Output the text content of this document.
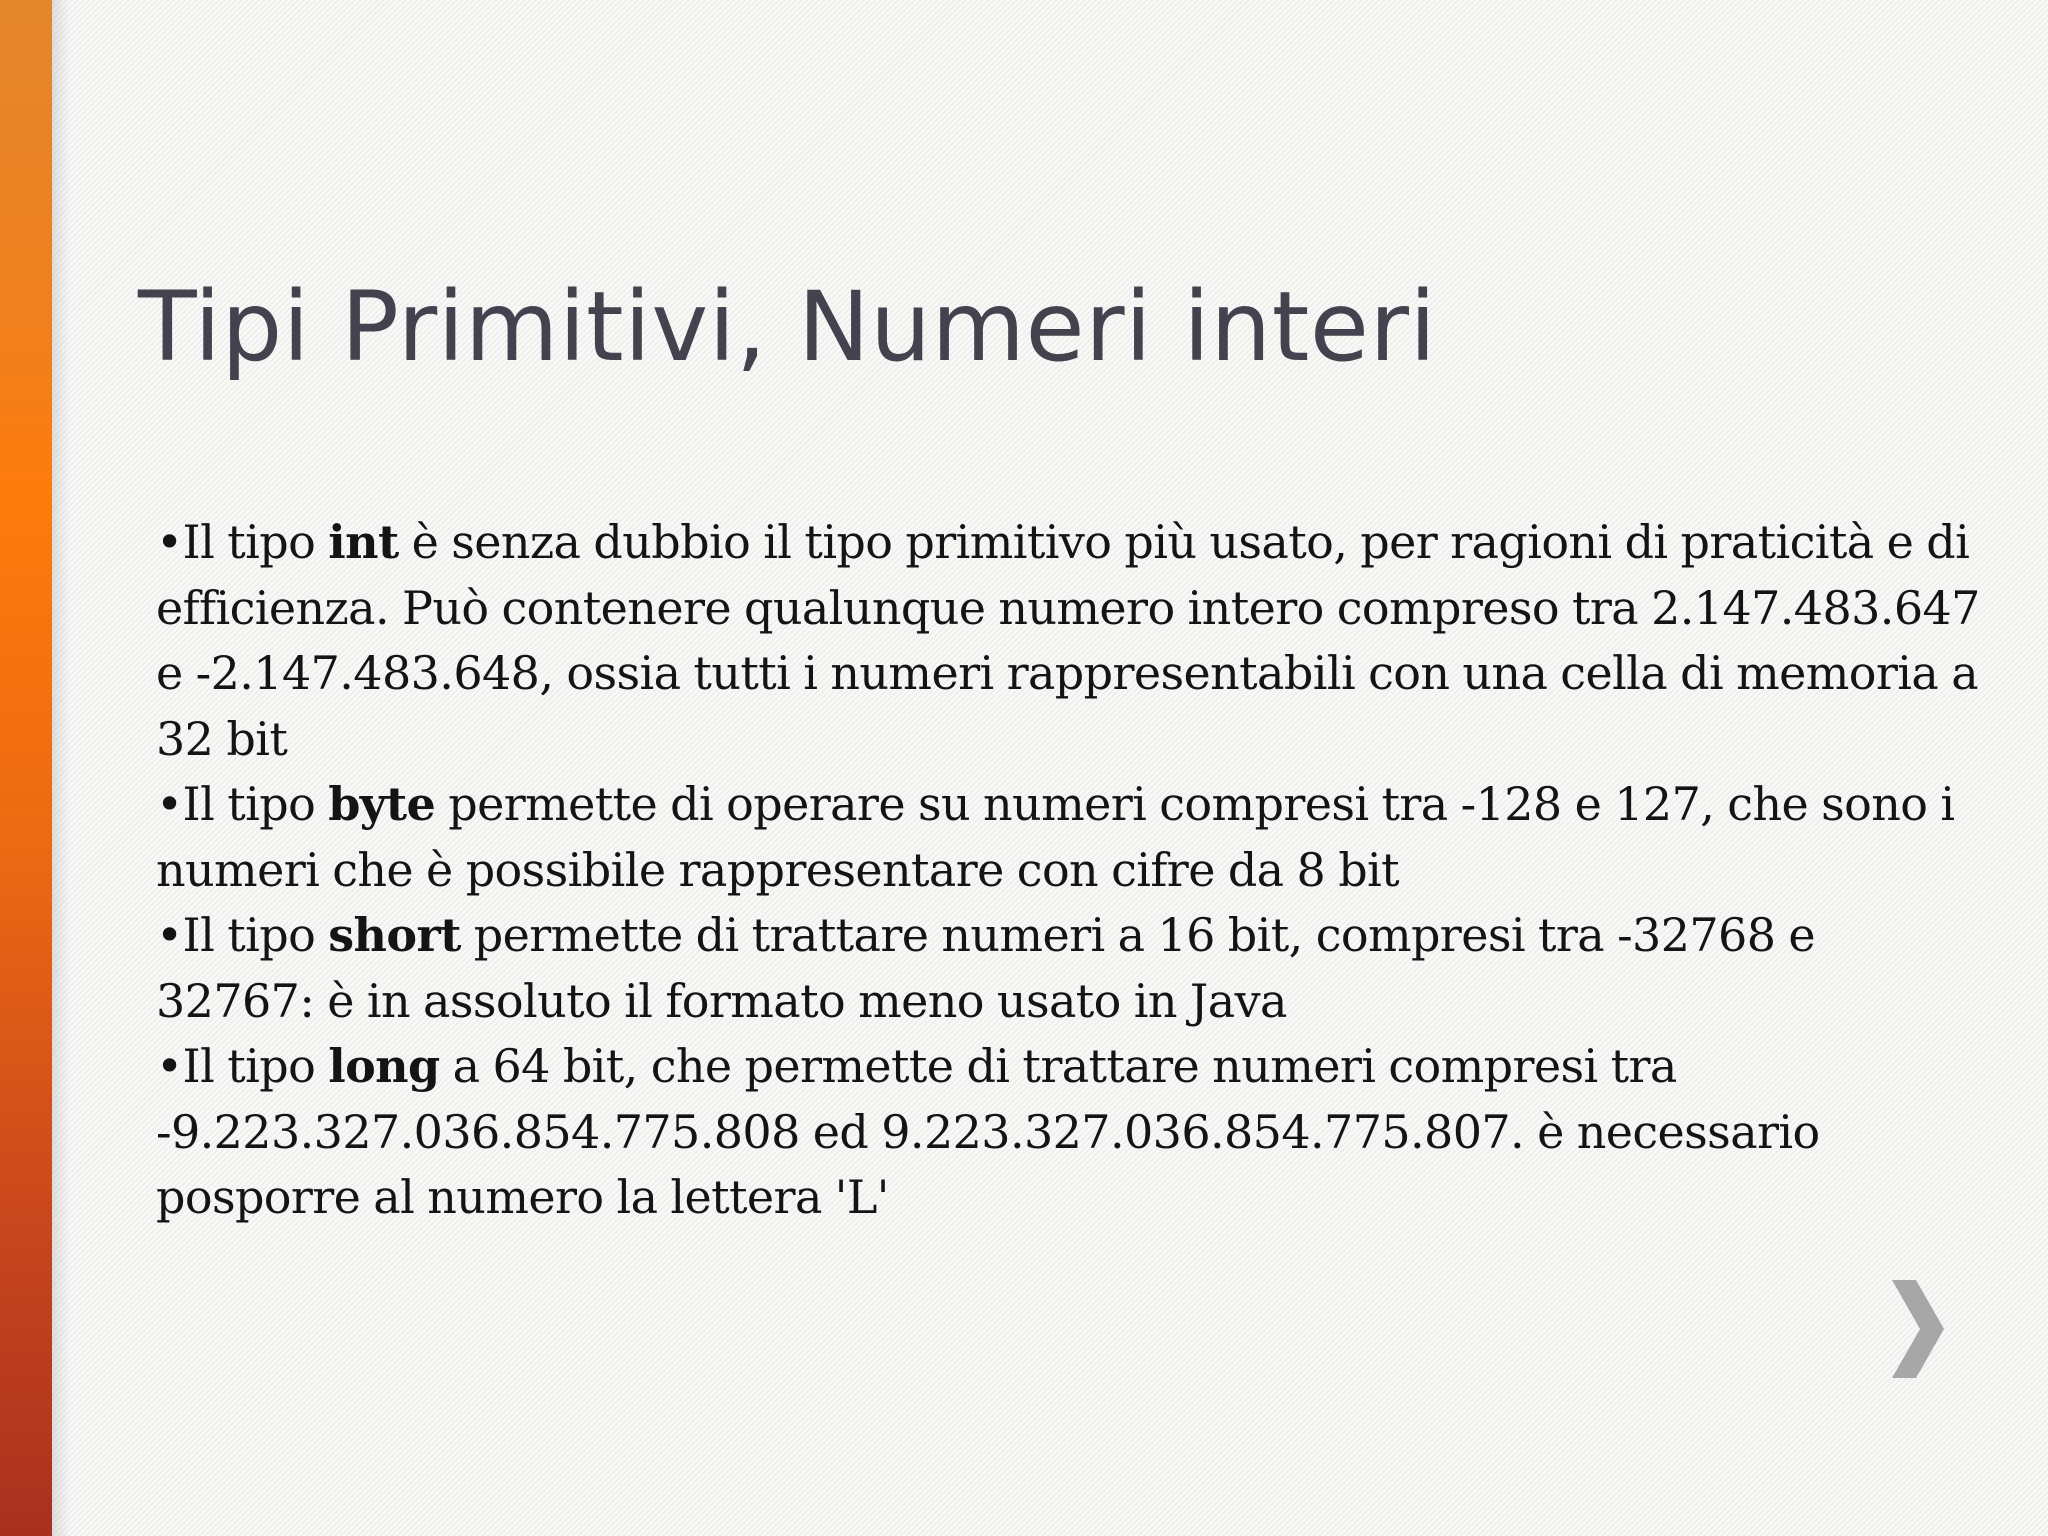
Tipi Primitivi, Numeri interi
•Il tipo int è senza dubbio il tipo primitivo più usato, per ragioni di praticità e di efficienza. Può contenere qualunque numero intero compreso tra 2.147.483.647 e -2.147.483.648, ossia tutti i numeri rappresentabili con una cella di memoria a 32 bit
•Il tipo byte permette di operare su numeri compresi tra -128 e 127, che sono i numeri che è possibile rappresentare con cifre da 8 bit
•Il tipo short permette di trattare numeri a 16 bit, compresi tra -32768 e 32767: è in assoluto il formato meno usato in Java
•Il tipo long a 64 bit, che permette di trattare numeri compresi tra -9.223.327.036.854.775.808 ed 9.223.327.036.854.775.807. è necessario posporre al numero la lettera 'L'
